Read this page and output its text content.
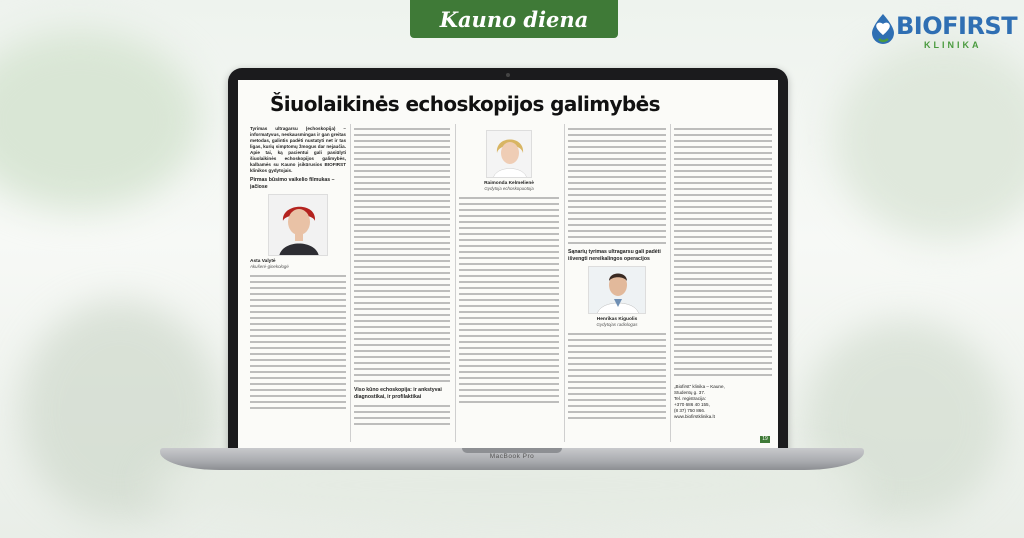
Kauno diena	BIOFIRST
KLINIKA
Šiuolaikinės echoskopijos galimybės

Tyrimas ultragarsu (echoskopija) – informatyvus, neskausmingas ir gan greitas metodas, galintis padėti nustatyti net ir tas ligas, kurių simptomų žmogus dar nejaučia. Apie tai, ką pacientui gali pasiūlyti šiuolaikinės echoskopijos galimybės, kalbamės su Kauno įsikūrusios BIOFIRST klinikos gydytojais.

Pirmas būsimo vaikelio filmukas – įačiose
Asta Valytė
Akušerė-ginekologė
Viso kūno echoskopija: ir ankstyvai diagnostikai, ir profilaktikai
Raimonda Kelmelienė
Gydytoja echoskopuotoja
Sąnarių tyrimas ultragarsu gali padėti išvengti nereikalingos operacijos
Henrikas Kiguolis
Gydytojas radiologas
„Biofirst“ klinika – Kaune,
Studentų g. 37.
Tel. registracija:
+370 686 40 155,
(8 37) 750 866.
www.biofirstklinika.lt
19
MacBook Pro
